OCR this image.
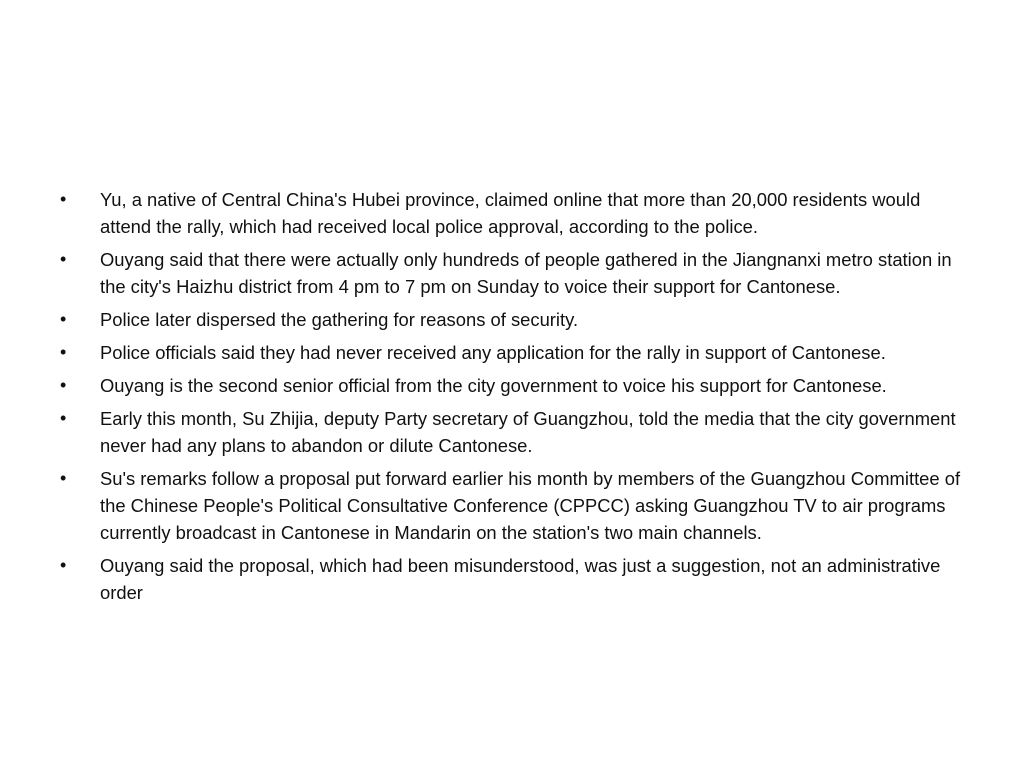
•	Yu, a native of Central China's Hubei province, claimed online that more than 20,000 residents would attend the rally, which had received local police approval, according to the police.
•	Ouyang said that there were actually only hundreds of people gathered in the Jiangnanxi metro station in the city's Haizhu district from 4 pm to 7 pm on Sunday to voice their support for Cantonese.
•	Police later dispersed the gathering for reasons of security.
•	Police officials said they had never received any application for the rally in support of Cantonese.
•	Ouyang is the second senior official from the city government to voice his support for Cantonese.
•	Early this month, Su Zhijia, deputy Party secretary of Guangzhou, told the media that the city government never had any plans to abandon or dilute Cantonese.
•	Su's remarks follow a proposal put forward earlier his month by members of the Guangzhou Committee of the Chinese People's Political Consultative Conference (CPPCC) asking Guangzhou TV to air programs currently broadcast in Cantonese in Mandarin on the station's two main channels.
•	Ouyang said the proposal, which had been misunderstood, was just a suggestion, not an administrative order
